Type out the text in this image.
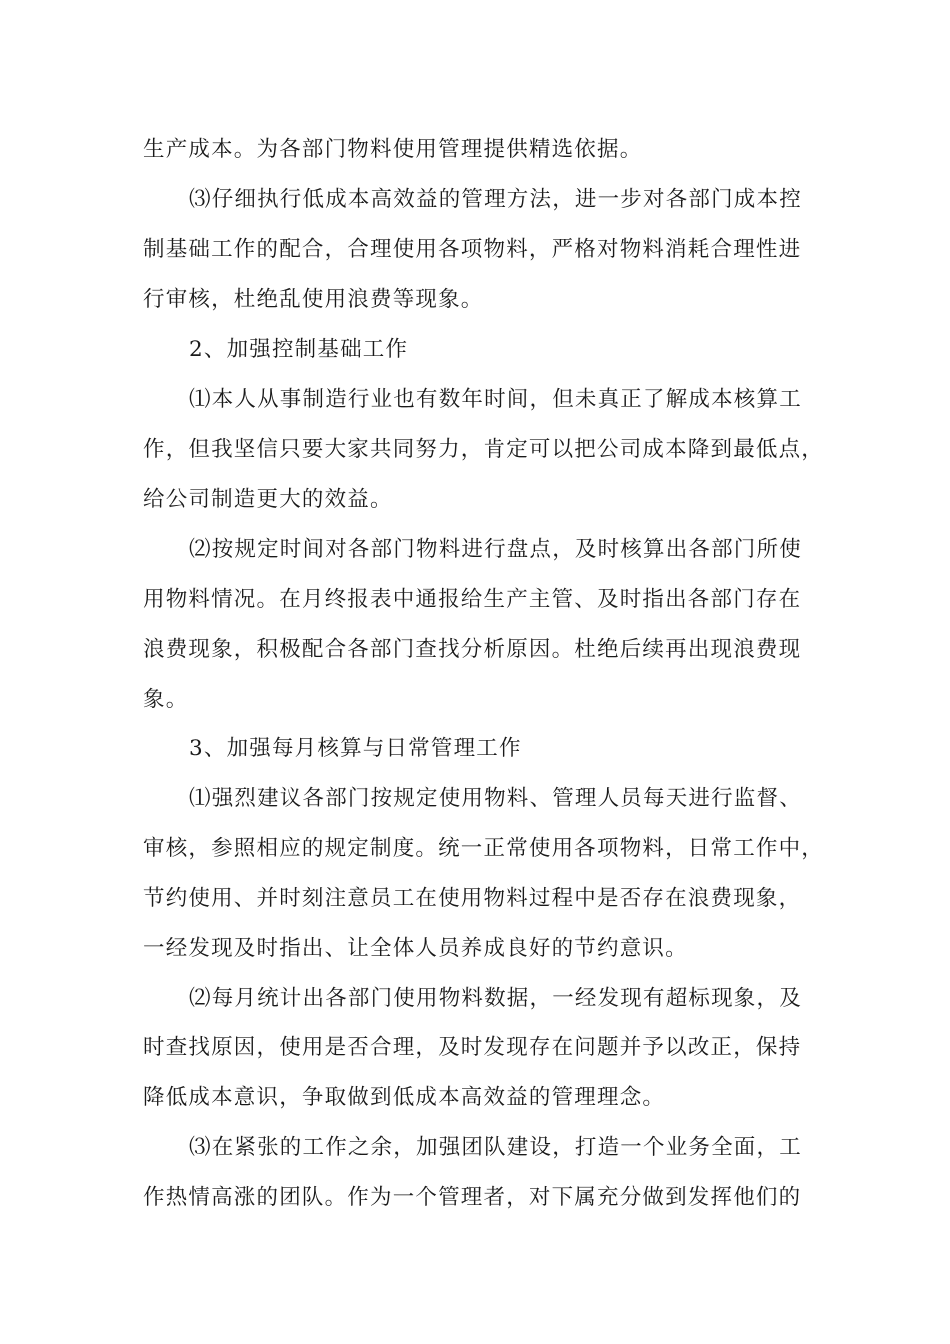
生产成本。为各部门物料使用管理提供精选依据。
⑶仔细执行低成本高效益的管理方法，进一步对各部门成本控
制基础工作的配合，合理使用各项物料，严格对物料消耗合理性进
行审核，杜绝乱使用浪费等现象。
2、加强控制基础工作
⑴本人从事制造行业也有数年时间，但未真正了解成本核算工
作，但我坚信只要大家共同努力，肯定可以把公司成本降到最低点，
给公司制造更大的效益。
⑵按规定时间对各部门物料进行盘点，及时核算出各部门所使
用物料情况。在月终报表中通报给生产主管、及时指出各部门存在
浪费现象，积极配合各部门查找分析原因。杜绝后续再出现浪费现
象。
3、加强每月核算与日常管理工作
⑴强烈建议各部门按规定使用物料、管理人员每天进行监督、
审核，参照相应的规定制度。统一正常使用各项物料，日常工作中，
节约使用、并时刻注意员工在使用物料过程中是否存在浪费现象，
一经发现及时指出、让全体人员养成良好的节约意识。
⑵每月统计出各部门使用物料数据，一经发现有超标现象，及
时查找原因，使用是否合理，及时发现存在问题并予以改正，保持
降低成本意识，争取做到低成本高效益的管理理念。
⑶在紧张的工作之余，加强团队建设，打造一个业务全面，工
作热情高涨的团队。作为一个管理者，对下属充分做到发挥他们的
